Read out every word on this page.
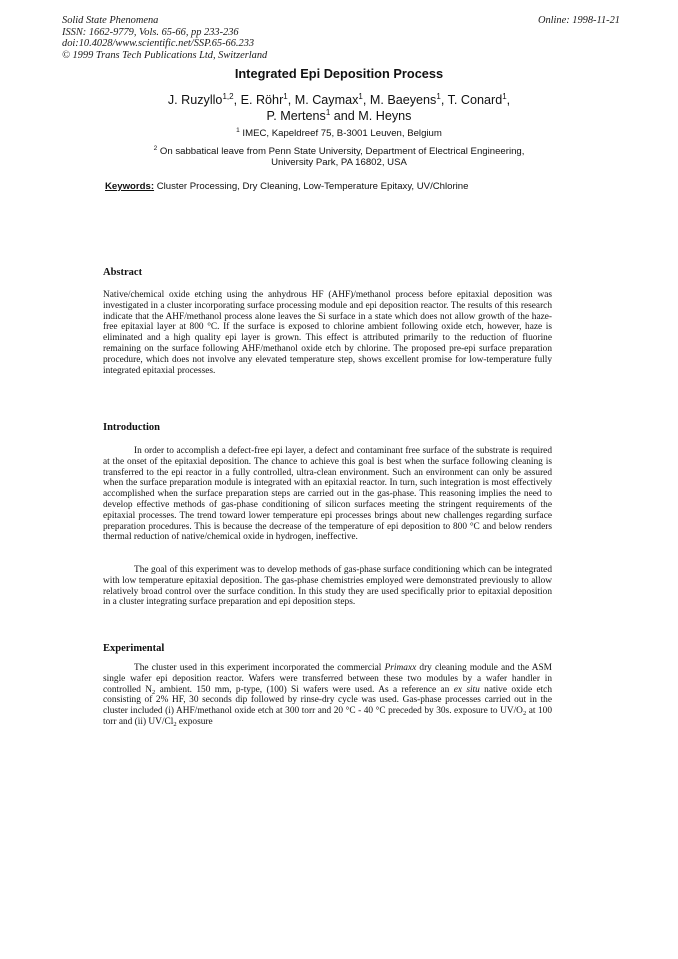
Solid State Phenomena
ISSN: 1662-9779, Vols. 65-66, pp 233-236
doi:10.4028/www.scientific.net/SSP.65-66.233
© 1999 Trans Tech Publications Ltd, Switzerland
Online: 1998-11-21
Integrated Epi Deposition Process
J. Ruzyllo$^{1,2}$, E. Röhr$^1$, M. Caymax$^1$, M. Baeyens$^1$, T. Conard$^1$,
P. Mertens$^1$ and M. Heyns
$^1$ IMEC, Kapeldreef 75, B-3001 Leuven, Belgium
$^2$ On sabbatical leave from Penn State University, Department of Electrical Engineering,
University Park, PA 16802, USA
Keywords: Cluster Processing, Dry Cleaning, Low-Temperature Epitaxy, UV/Chlorine
Abstract

Native/chemical oxide etching using the anhydrous HF (AHF)/methanol process before epitaxial deposition was investigated in a cluster incorporating surface processing module and epi deposition reactor. The results of this research indicate that the AHF/methanol process alone leaves the Si surface in a state which does not allow growth of the haze-free epitaxial layer at 800 °C. If the surface is exposed to chlorine ambient following oxide etch, however, haze is eliminated and a high quality epi layer is grown. This effect is attributed primarily to the reduction of fluorine remaining on the surface following AHF/methanol oxide etch by chlorine. The proposed pre-epi surface preparation procedure, which does not involve any elevated temperature step, shows excellent promise for low-temperature fully integrated epitaxial processes.

Introduction

In order to accomplish a defect-free epi layer, a defect and contaminant free surface of the substrate is required at the onset of the epitaxial deposition. The chance to achieve this goal is best when the surface following cleaning is transferred to the epi reactor in a fully controlled, ultra-clean environment. Such an environment can only be assured when the surface preparation module is integrated with an epitaxial reactor. In turn, such integration is most effectively accomplished when the surface preparation steps are carried out in the gas-phase. This reasoning implies the need to develop effective methods of gas-phase conditioning of silicon surfaces meeting the stringent requirements of the epitaxial processes. The trend toward lower temperature epi processes brings about new challenges regarding surface preparation procedures. This is because the decrease of the temperature of epi deposition to 800 °C and below renders thermal reduction of native/chemical oxide in hydrogen, ineffective.

The goal of this experiment was to develop methods of gas-phase surface conditioning which can be integrated with low temperature epitaxial deposition. The gas-phase chemistries employed were demonstrated previously to allow relatively broad control over the surface condition. In this study they are used specifically prior to epitaxial deposition in a cluster integrating surface preparation and epi deposition steps.

Experimental

The cluster used in this experiment incorporated the commercial Primaxx dry cleaning module and the ASM single wafer epi deposition reactor. Wafers were transferred between these two modules by a wafer handler in controlled $N_2$ ambient. 150 mm, p-type, (100) Si wafers were used. As a reference an ex situ native oxide etch consisting of 2% HF, 30 seconds dip followed by rinse-dry cycle was used. Gas-phase processes carried out in the cluster included (i) AHF/methanol oxide etch at 300 torr and 20 °C - 40 °C preceded by 30s. exposure to $UV/O_2$ at 100 torr and (ii) $UV/Cl_2$ exposure
